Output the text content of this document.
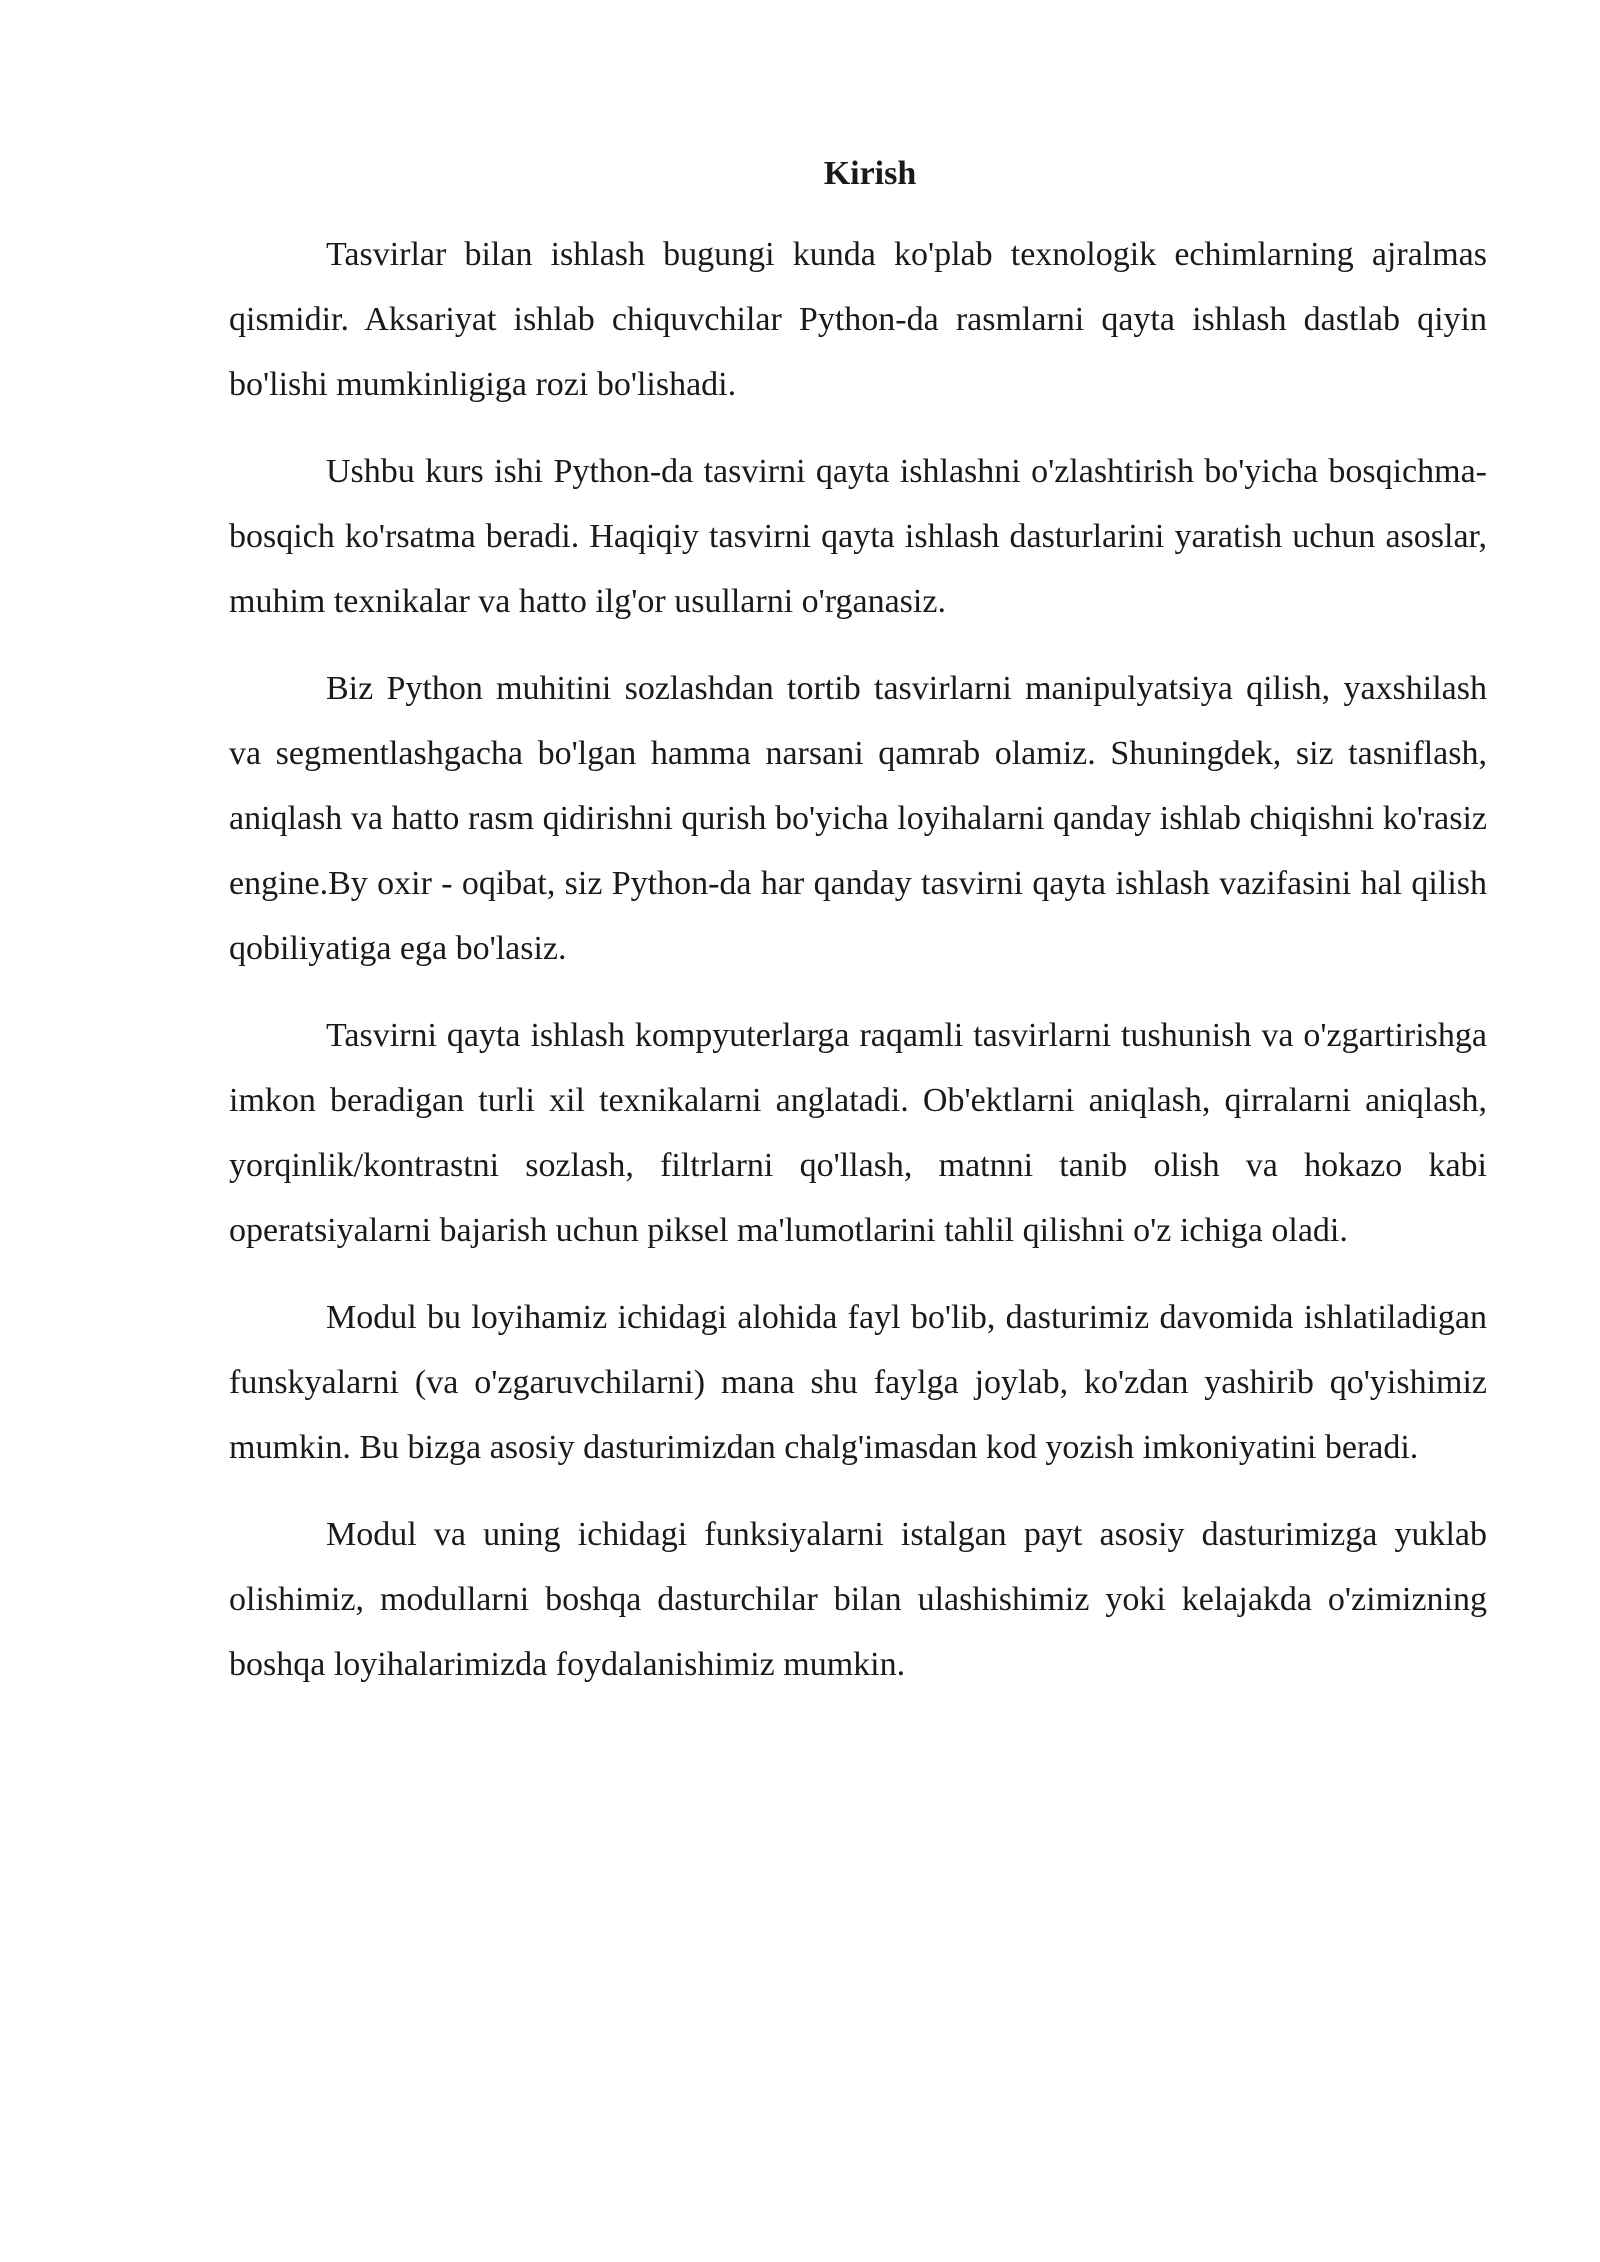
Kirish

Tasvirlar bilan ishlash bugungi kunda ko'plab texnologik echimlarning ajralmas qismidir. Aksariyat ishlab chiquvchilar Python-da rasmlarni qayta ishlash dastlab qiyin bo'lishi mumkinligiga rozi bo'lishadi.

Ushbu kurs ishi Python-da tasvirni qayta ishlashni o'zlashtirish bo'yicha bosqichma-bosqich ko'rsatma beradi. Haqiqiy tasvirni qayta ishlash dasturlarini yaratish uchun asoslar, muhim texnikalar va hatto ilg'or usullarni o'rganasiz.

Biz Python muhitini sozlashdan tortib tasvirlarni manipulyatsiya qilish, yaxshilash va segmentlashgacha bo'lgan hamma narsani qamrab olamiz. Shuningdek, siz tasniflash, aniqlash va hatto rasm qidirishni qurish bo'yicha loyihalarni qanday ishlab chiqishni ko'rasiz engine.By oxir - oqibat, siz Python-da har qanday tasvirni qayta ishlash vazifasini hal qilish qobiliyatiga ega bo'lasiz.

Tasvirni qayta ishlash kompyuterlarga raqamli tasvirlarni tushunish va o'zgartirishga imkon beradigan turli xil texnikalarni anglatadi. Ob'ektlarni aniqlash, qirralarni aniqlash, yorqinlik/kontrastni sozlash, filtrlarni qo'llash, matnni tanib olish va hokazo kabi operatsiyalarni bajarish uchun piksel ma'lumotlarini tahlil qilishni o'z ichiga oladi.

Modul bu loyihamiz ichidagi alohida fayl bo'lib, dasturimiz davomida ishlatiladigan funskyalarni (va o'zgaruvchilarni) mana shu faylga joylab, ko'zdan yashirib qo'yishimiz mumkin. Bu bizga asosiy dasturimizdan chalg'imasdan kod yozish imkoniyatini beradi.

Modul va uning ichidagi funksiyalarni istalgan payt asosiy dasturimizga yuklab olishimiz, modullarni boshqa dasturchilar bilan ulashishimiz yoki kelajakda o'zimizning boshqa loyihalarimizda foydalanishimiz mumkin.
